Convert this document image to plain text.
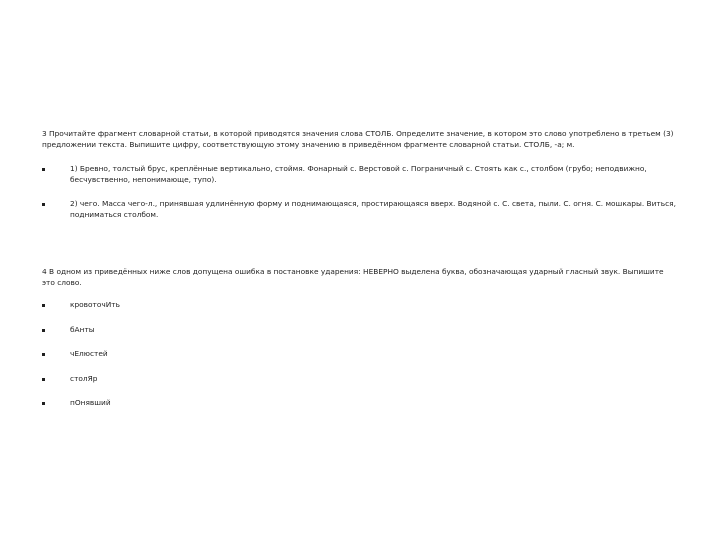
3 Прочитайте фрагмент словарной статьи, в которой приводятся значения слова СТОЛБ. Определите значение, в котором это слово употреблено в третьем (3) предложении текста. Выпишите цифру, соответствующую этому значению в приведённом фрагменте словарной статьи. СТОЛБ, -а; м.

1) Бревно, толстый брус, креплённые вертикально, стоймя. Фонарный с. Верстовой с. Пограничный с. Стоять как с., столбом (грубо; неподвижно, бесчувственно, непонимающе, тупо).
2) чего. Масса чего-л., принявшая удлинённую форму и поднимающаяся, простирающаяся вверх. Водяной с. С. света, пыли. С. огня. С. мошкары. Виться, подниматься столбом.

4 В одном из приведённых ниже слов допущена ошибка в постановке ударения: НЕВЕРНО выделена буква, обозначающая ударный гласный звук. Выпишите это слово.

кровоточИть
бАнты
чЕлюстей
столЯр
пОнявший
